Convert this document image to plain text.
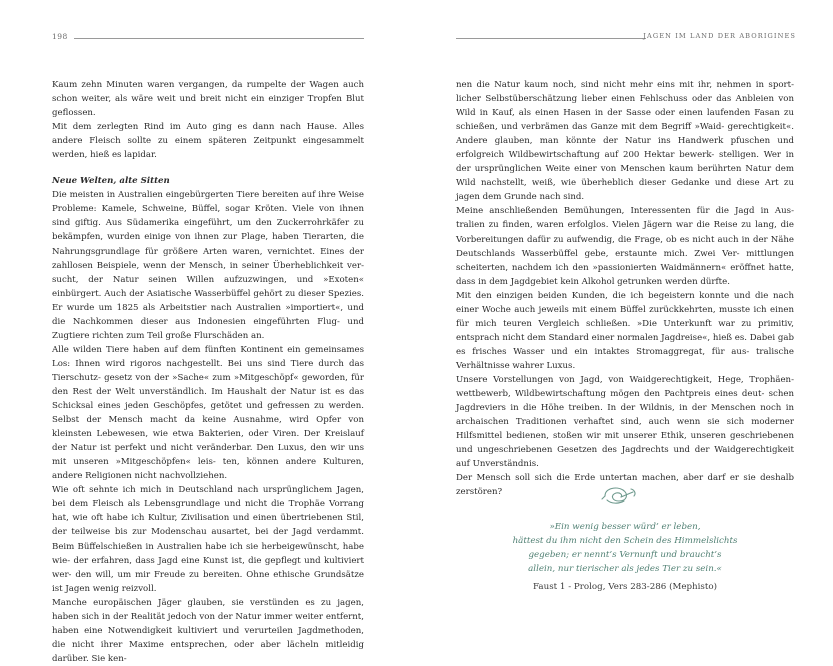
198

Kaum zehn Minuten waren vergangen, da rumpelte der Wagen auch schon weiter, als wäre weit und breit nicht ein einziger Tropfen Blut geflossen.

Mit dem zerlegten Rind im Auto ging es dann nach Hause. Alles andere Fleisch sollte zu einem späteren Zeitpunkt eingesammelt werden, hieß es lapidar.

Neue Welten, alte Sitten

Die meisten in Australien eingebürgerten Tiere bereiten auf ihre Weise Probleme: Kamele, Schweine, Büffel, sogar Kröten. Viele von ihnen sind giftig. Aus Südamerika eingeführt, um den Zuckerrohrkäfer zu bekämpfen, wurden einige von ihnen zur Plage, haben Tierarten, die Nahrungsgrundlage für größere Arten waren, vernichtet. Eines der zahllosen Beispiele, wenn der Mensch, in seiner Überheblichkeit ver- sucht, der Natur seinen Willen aufzuzwingen, und »Exoten« einbürgert. Auch der Asiatische Wasserbüffel gehört zu dieser Spezies. Er wurde um 1825 als Arbeitstier nach Australien »importiert«, und die Nachkommen dieser aus Indonesien eingeführten Flug- und Zugtiere richten zum Teil große Flurschäden an.

Alle wilden Tiere haben auf dem fünften Kontinent ein gemeinsames Los: Ihnen wird rigoros nachgestellt. Bei uns sind Tiere durch das Tierschutz- gesetz von der »Sache« zum »Mitgeschöpf« geworden, für den Rest der Welt unverständlich. Im Haushalt der Natur ist es das Schicksal eines jeden Geschöpfes, getötet und gefressen zu werden. Selbst der Mensch macht da keine Ausnahme, wird Opfer von kleinsten Lebewesen, wie etwa Bakterien, oder Viren. Der Kreislauf der Natur ist perfekt und nicht veränderbar. Den Luxus, den wir uns mit unseren »Mitgeschöpfen« leis- ten, können andere Kulturen, andere Religionen nicht nachvollziehen.

Wie oft sehnte ich mich in Deutschland nach ursprünglichem Jagen, bei dem Fleisch als Lebensgrundlage und nicht die Trophäe Vorrang hat, wie oft habe ich Kultur, Zivilisation und einen übertriebenen Stil, der teilweise bis zur Modenschau ausartet, bei der Jagd verdammt. Beim Büffelschießen in Australien habe ich sie herbeigewünscht, habe wie- der erfahren, dass Jagd eine Kunst ist, die gepflegt und kultiviert wer- den will, um mir Freude zu bereiten. Ohne ethische Grundsätze ist Jagen wenig reizvoll.

Manche europäischen Jäger glauben, sie verstünden es zu jagen, haben sich in der Realität jedoch von der Natur immer weiter entfernt, haben eine Notwendigkeit kultiviert und verurteilen Jagdmethoden, die nicht ihrer Maxime entsprechen, oder aber lächeln mitleidig darüber. Sie ken-

JAGEN IM LAND DER ABORIGINES

nen die Natur kaum noch, sind nicht mehr eins mit ihr, nehmen in sport- licher Selbstüberschätzung lieber einen Fehlschuss oder das Anbleien von Wild in Kauf, als einen Hasen in der Sasse oder einen laufenden Fasan zu schießen, und verbrämen das Ganze mit dem Begriff »Waid- gerechtigkeit«. Andere glauben, man könnte der Natur ins Handwerk pfuschen und erfolgreich Wildbewirtschaftung auf 200 Hektar bewerk- stelligen. Wer in der ursprünglichen Weite einer von Menschen kaum berührten Natur dem Wild nachstellt, weiß, wie überheblich dieser Gedanke und diese Art zu jagen dem Grunde nach sind.

Meine anschließenden Bemühungen, Interessenten für die Jagd in Aus- tralien zu finden, waren erfolglos. Vielen Jägern war die Reise zu lang, die Vorbereitungen dafür zu aufwendig, die Frage, ob es nicht auch in der Nähe Deutschlands Wasserbüffel gebe, erstaunte mich. Zwei Ver- mittlungen scheiterten, nachdem ich den »passionierten Waidmännern« eröffnet hatte, dass in dem Jagdgebiet kein Alkohol getrunken werden dürfte.

Mit den einzigen beiden Kunden, die ich begeistern konnte und die nach einer Woche auch jeweils mit einem Büffel zurückkehrten, musste ich einen für mich teuren Vergleich schließen. »Die Unterkunft war zu primitiv, entsprach nicht dem Standard einer normalen Jagdreise«, hieß es. Dabei gab es frisches Wasser und ein intaktes Stromaggregat, für aus- tralische Verhältnisse wahrer Luxus.

Unsere Vorstellungen von Jagd, von Waidgerechtigkeit, Hege, Trophäen- wettbewerb, Wildbewirtschaftung mögen den Pachtpreis eines deut- schen Jagdreviers in die Höhe treiben. In der Wildnis, in der Menschen noch in archaischen Traditionen verhaftet sind, auch wenn sie sich moderner Hilfsmittel bedienen, stoßen wir mit unserer Ethik, unseren geschriebenen und ungeschriebenen Gesetzen des Jagdrechts und der Waidgerechtigkeit auf Unverständnis.

Der Mensch soll sich die Erde untertan machen, aber darf er sie deshalb zerstören?

»Ein wenig besser würd’ er leben,
hättest du ihm nicht den Schein des Himmelslichts
gegeben; er nennt’s Vernunft und braucht’s
allein, nur tierischer als jedes Tier zu sein.«
Faust 1 - Prolog, Vers 283-286 (Mephisto)
